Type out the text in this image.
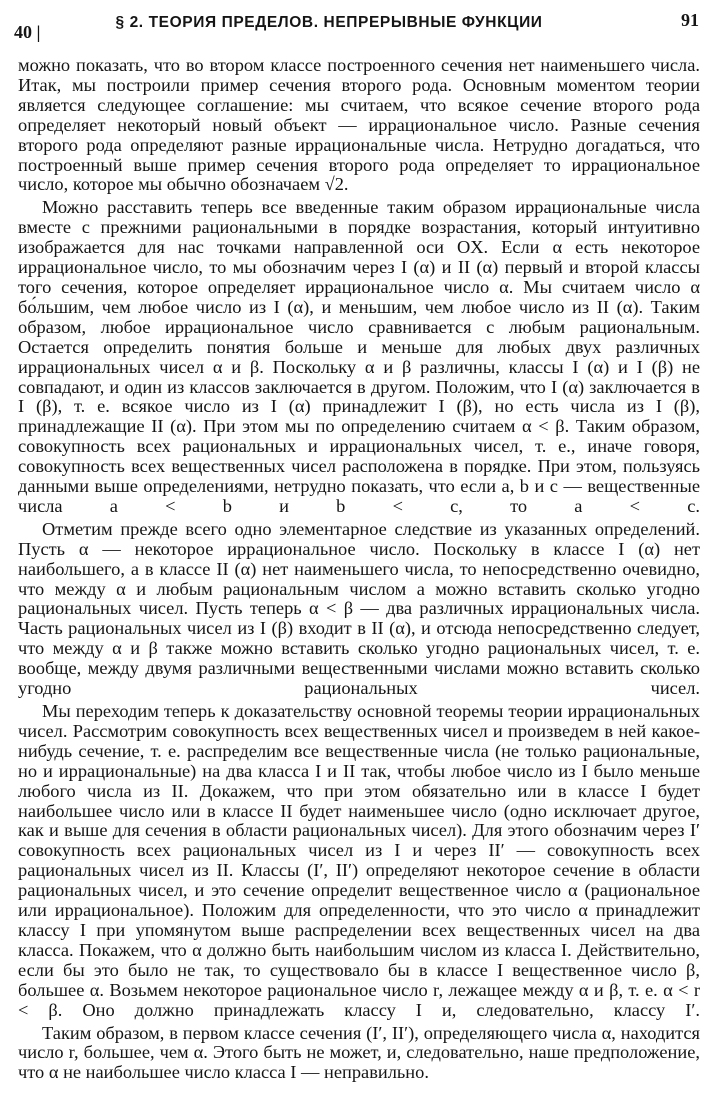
40 |	§ 2. ТЕОРИЯ ПРЕДЕЛОВ. НЕПРЕРЫВНЫЕ ФУНКЦИИ	91

можно показать, что во втором классе построенного сечения нет наименьшего числа. Итак, мы построили пример сечения второго рода. Основным моментом теории является следующее соглашение: мы считаем, что всякое сечение второго рода определяет некоторый новый объект — иррациональное число. Разные сечения второго рода определяют разные иррациональные числа. Нетрудно догадаться, что построенный выше пример сечения второго рода определяет то иррациональное число, которое мы обычно обозначаем √2.

Можно расставить теперь все введенные таким образом иррациональные числа вместе с прежними рациональными в порядке возрастания, который интуитивно изображается для нас точками направленной оси OX. Если α есть некоторое иррациональное число, то мы обозначим через I (α) и II (α) первый и второй классы того сечения, которое определяет иррациональное число α. Мы считаем число α бо́льшим, чем любое число из I (α), и меньшим, чем любое число из II (α). Таким образом, любое иррациональное число сравнивается с любым рациональным. Остается определить понятия больше и меньше для любых двух различных иррациональных чисел α и β. Поскольку α и β различны, классы I (α) и I (β) не совпадают, и один из классов заключается в другом. Положим, что I (α) заключается в I (β), т. е. всякое число из I (α) принадлежит I (β), но есть числа из I (β), принадлежащие II (α). При этом мы по определению считаем α < β. Таким образом, совокупность всех рациональных и иррациональных чисел, т. е., иначе говоря, совокупность всех вещественных чисел расположена в порядке. При этом, пользуясь данными выше определениями, нетрудно показать, что если a, b и c — вещественные числа a < b и b < c, то a < c.

Отметим прежде всего одно элементарное следствие из указанных определений. Пусть α — некоторое иррациональное число. Поскольку в классе I (α) нет наибольшего, а в классе II (α) нет наименьшего числа, то непосредственно очевидно, что между α и любым рациональным числом a можно вставить сколько угодно рациональных чисел. Пусть теперь α < β — два различных иррациональных числа. Часть рациональных чисел из I (β) входит в II (α), и отсюда непосредственно следует, что между α и β также можно вставить сколько угодно рациональных чисел, т. е. вообще, между двумя различными вещественными числами можно вставить сколько угодно рациональных чисел.

Мы переходим теперь к доказательству основной теоремы теории иррациональных чисел. Рассмотрим совокупность всех вещественных чисел и произведем в ней какое-нибудь сечение, т. е. распределим все вещественные числа (не только рациональные, но и иррациональные) на два класса I и II так, чтобы любое число из I было меньше любого числа из II. Докажем, что при этом обязательно или в классе I будет наибольшее число или в классе II будет наименьшее число (одно исключает другое, как и выше для сечения в области рациональных чисел). Для этого обозначим через I′ совокупность всех рациональных чисел из I и через II′ — совокупность всех рациональных чисел из II. Классы (I′, II′) определяют некоторое сечение в области рациональных чисел, и это сечение определит вещественное число α (рациональное или иррациональное). Положим для определенности, что это число α принадлежит классу I при упомянутом выше распределении всех вещественных чисел на два класса. Покажем, что α должно быть наибольшим числом из класса I. Действительно, если бы это было не так, то существовало бы в классе I вещественное число β, большее α. Возьмем некоторое рациональное число r, лежащее между α и β, т. е. α < r < β. Оно должно принадлежать классу I и, следовательно, классу I′.

Таким образом, в первом классе сечения (I′, II′), определяющего числа α, находится число r, большее, чем α. Этого быть не может, и, следовательно, наше предположение, что α не наибольшее число класса I — неправильно.
